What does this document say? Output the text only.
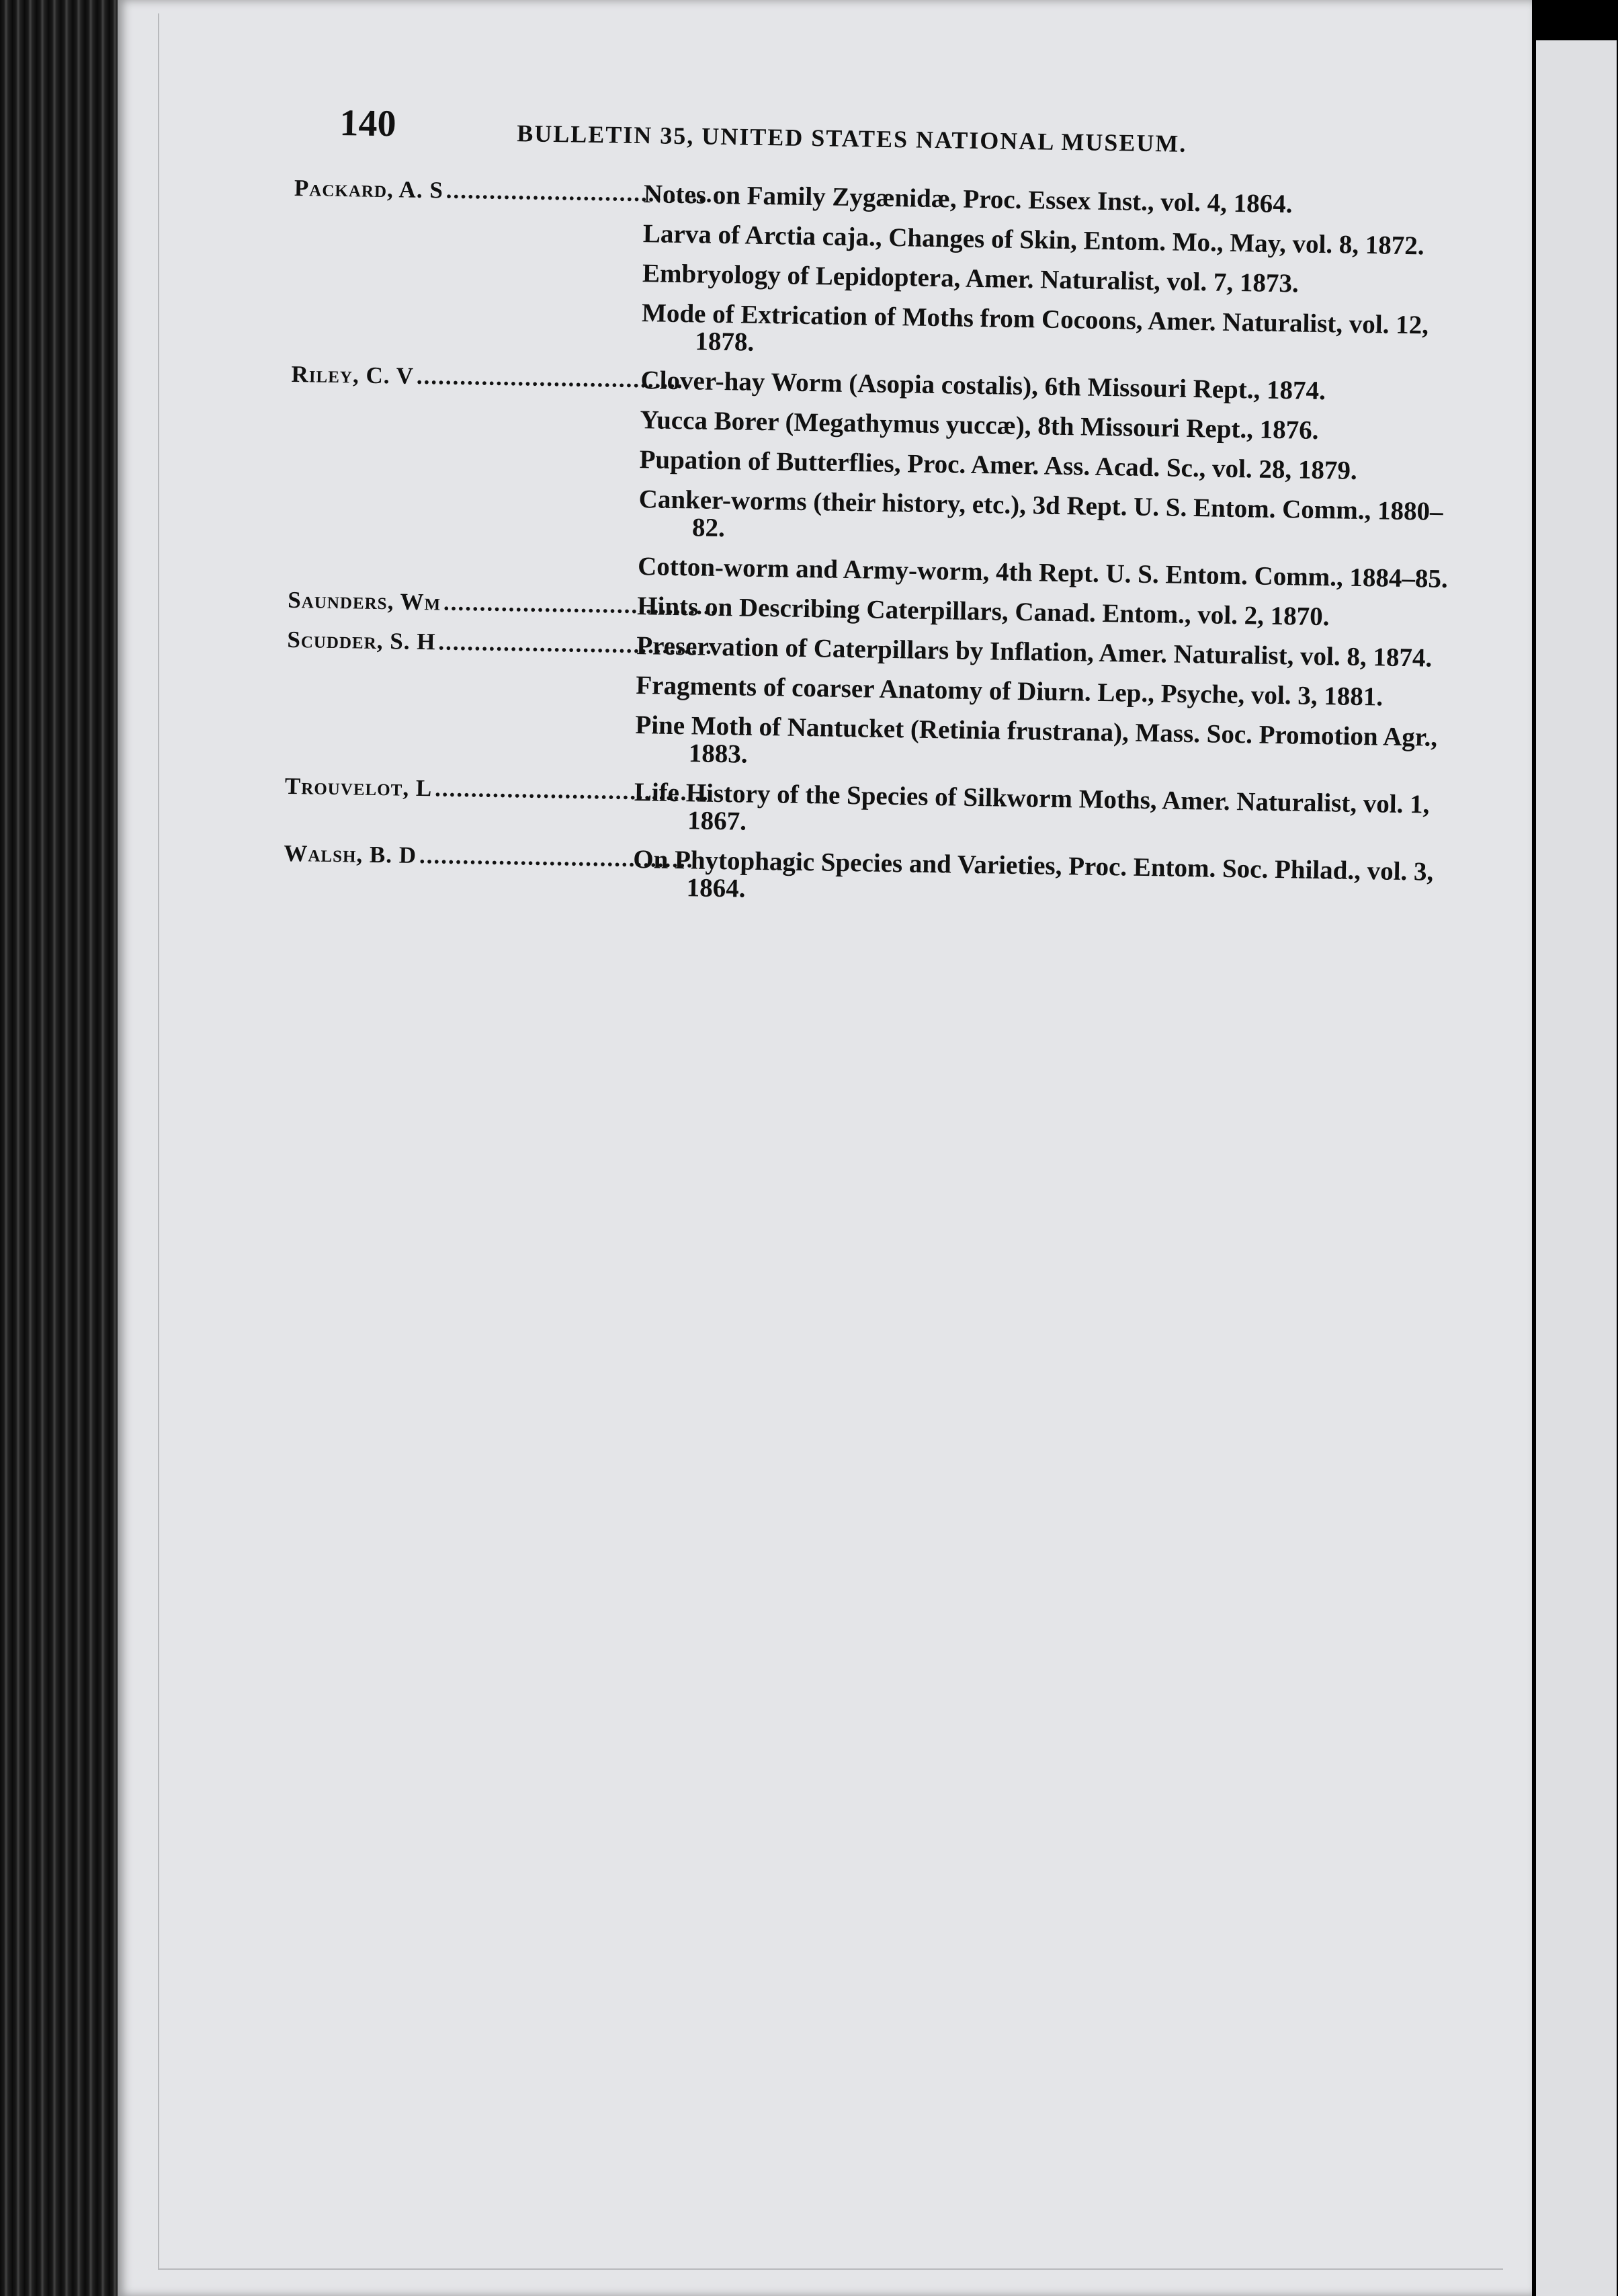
140	BULLETIN 35, UNITED STATES NATIONAL MUSEUM.
Packard, A. S......................................
Notes on Family Zygænidæ, Proc. Essex Inst., vol. 4, 1864.
Larva of Arctia caja., Changes of Skin, Entom. Mo., May, vol. 8, 1872.
Embryology of Lepidoptera, Amer. Naturalist, vol. 7, 1873.
Mode of Extrication of Moths from Cocoons, Amer. Naturalist, vol. 12, 1878.
Riley, C. V......................................
Clover-hay Worm (Asopia costalis), 6th Missouri Rept., 1874.
Yucca Borer (Megathymus yuccæ), 8th Missouri Rept., 1876.
Pupation of Butterflies, Proc. Amer. Ass. Acad. Sc., vol. 28, 1879.
Canker-worms (their history, etc.), 3d Rept. U. S. Entom. Comm., 1880–82.
Cotton-worm and Army-worm, 4th Rept. U. S. Entom. Comm., 1884–85.
Saunders, Wm......................................
Hints on Describing Caterpillars, Canad. Entom., vol. 2, 1870.
Scudder, S. H......................................
Preservation of Caterpillars by Inflation, Amer. Naturalist, vol. 8, 1874.
Fragments of coarser Anatomy of Diurn. Lep., Psyche, vol. 3, 1881.
Pine Moth of Nantucket (Retinia frustrana), Mass. Soc. Promotion Agr., 1883.
Trouvelot, L......................................
Life History of the Species of Silkworm Moths, Amer. Naturalist, vol. 1, 1867.
Walsh, B. D......................................
On Phytophagic Species and Varieties, Proc. Entom. Soc. Philad., vol. 3, 1864.
